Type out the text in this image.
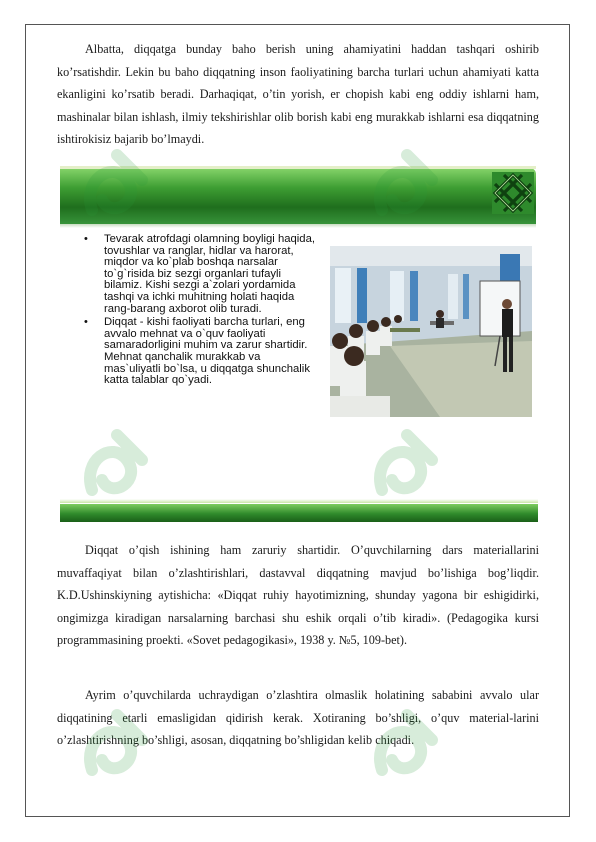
Albatta, diqqatga bunday baho berish uning ahamiyatini haddan tashqari oshirib ko’rsatishdir. Lekin bu baho diqqatning inson faoliyatining barcha turlari uchun ahamiyati katta ekanligini ko’rsatib beradi. Darhaqiqat, o’tin yorish, er chopish kabi eng oddiy ishlarni ham, mashinalar bilan ishlash, ilmiy tekshirishlar olib borish kabi eng murakkab ishlarni esa diqqatning ishtirokisiz bajarib bo’lmaydi.
• Tevarak atrofdagi olamning boyligi haqida, tovushlar va ranglar, hidlar va harorat, miqdor va ko`plab boshqa narsalar to`g`risida biz sezgi organlari tufayli bilamiz. Kishi sezgi a`zolari yordamida tashqi va ichki muhitning holati haqida rang-barang axborot olib turadi.
• Diqqat - kishi faoliyati barcha turlari, eng avvalo mehnat va o`quv faoliyati samaradorligini muhim va zarur shartidir. Mehnat qanchalik murakkab va mas`uliyatli bo`lsa, u diqqatga shunchalik katta talablar qo`yadi.
Diqqat o’qish ishining ham zaruriy shartidir. O’quvchilarning dars materiallarini muvaffaqiyat bilan o’zlashtirishlari, dastavval diqqatning mavjud bo’lishiga bog’liqdir. K.D.Ushinskiyning aytishicha: «Diqqat ruhiy hayotimizning, shunday yagona bir eshigidirki, ongimizga kiradigan narsalarning barchasi shu eshik orqali o’tib kiradi». (Pedagogika kursi programmasining proekti. «Sovet pedagogikasi», 1938 y. №5, 109-bet).
Ayrim o’quvchilarda uchraydigan o’zlashtira olmaslik holatining sababini avvalo ular diqqatining etarli emasligidan qidirish kerak. Xotiraning bo’shligi, o’quv material-larini o’zlashtirishning bo’shligi, asosan, diqqatning bo’shligidan kelib chiqadi.
